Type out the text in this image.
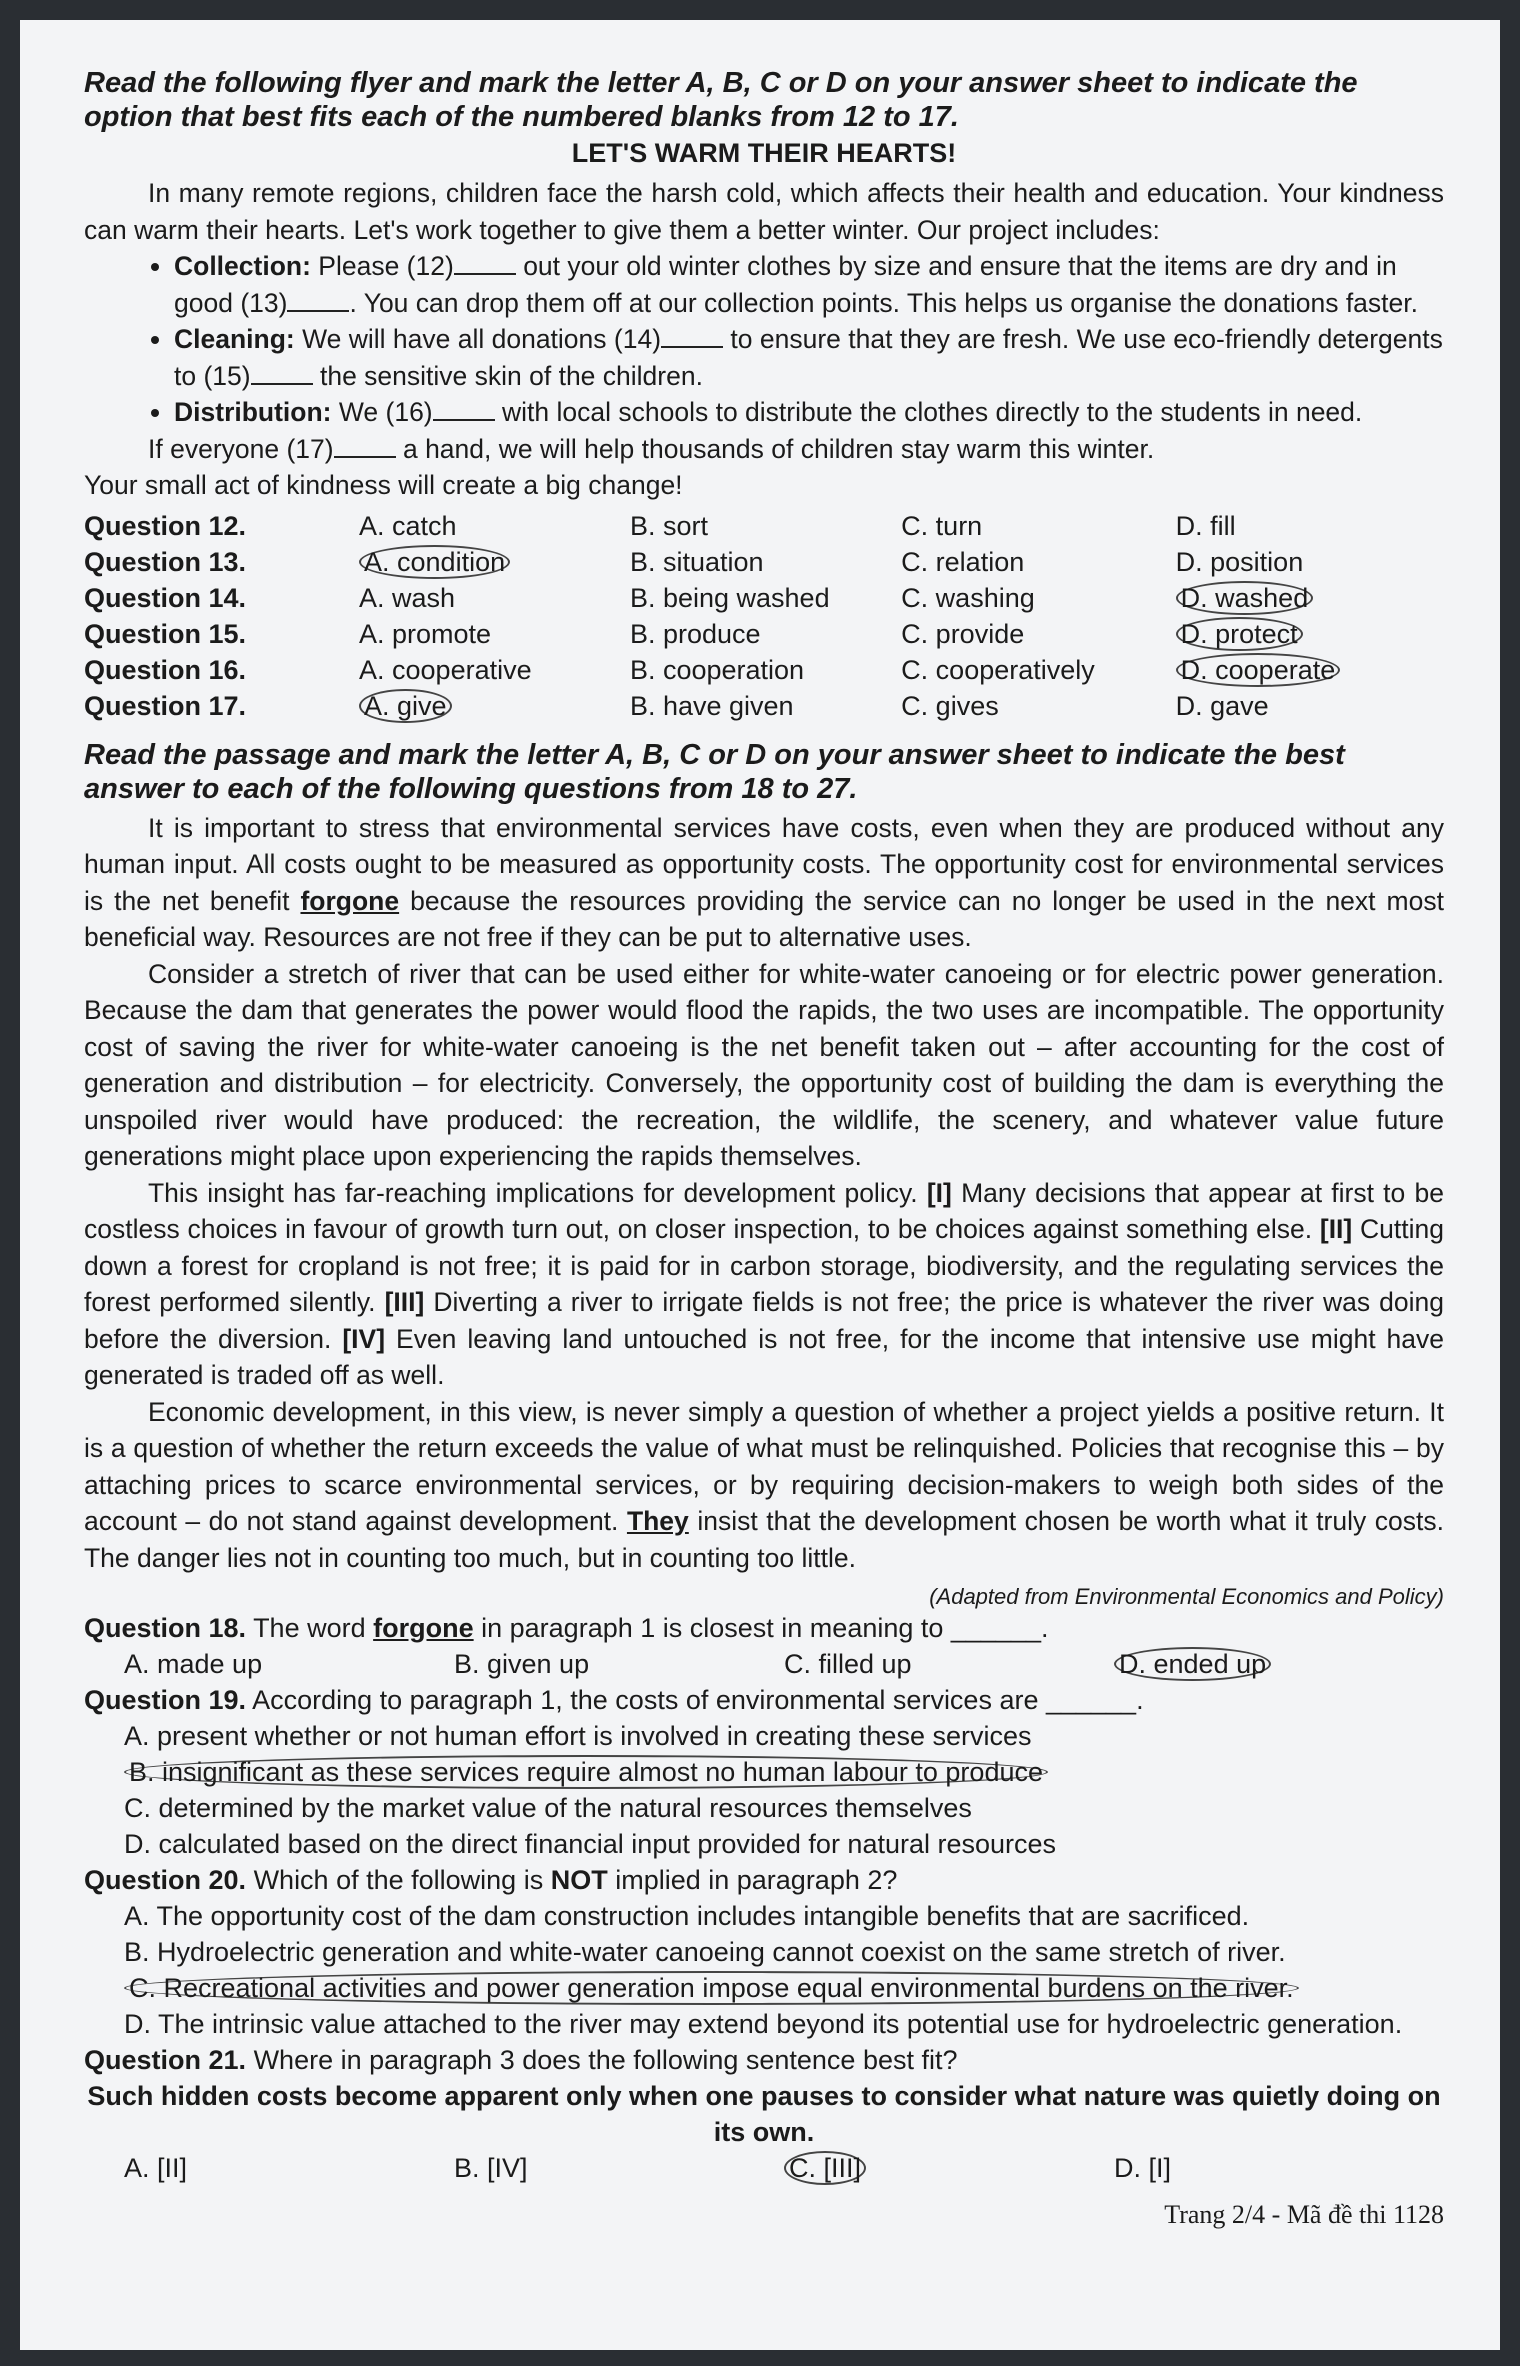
Read the following flyer and mark the letter A, B, C or D on your answer sheet to indicate the option that best fits each of the numbered blanks from 12 to 17.

LET'S WARM THEIR HEARTS!

In many remote regions, children face the harsh cold, which affects their health and education. Your kindness can warm their hearts. Let's work together to give them a better winter. Our project includes:

• Collection: Please (12)	out your old winter clothes by size and ensure that the items are dry and in good (13) . You can drop them off at our collection points. This helps us organise the donations faster.
• Cleaning: We will have all donations (14)	to ensure that they are fresh. We use eco-friendly detergents to (15)	the sensitive skin of the children.
• Distribution: We (16)	with local schools to distribute the clothes directly to the students in need.

If everyone (17)	a hand, we will help thousands of children stay warm this winter.
Your small act of kindness will create a big change!

Question 12.	A. catch	B. sort	C. turn	D. fill
Question 13.	A. condition	B. situation	C. relation	D. position
Question 14.	A. wash	B. being washed	C. washing	D. washed
Question 15.	A. promote	B. produce	C. provide	D. protect
Question 16.	A. cooperative	B. cooperation	C. cooperatively	D. cooperate
Question 17.	A. give	B. have given	C. gives	D. gave

Read the passage and mark the letter A, B, C or D on your answer sheet to indicate the best answer to each of the following questions from 18 to 27.

It is important to stress that environmental services have costs, even when they are produced without any human input. All costs ought to be measured as opportunity costs. The opportunity cost for environmental services is the net benefit forgone because the resources providing the service can no longer be used in the next most beneficial way. Resources are not free if they can be put to alternative uses.

Consider a stretch of river that can be used either for white-water canoeing or for electric power generation. Because the dam that generates the power would flood the rapids, the two uses are incompatible. The opportunity cost of saving the river for white-water canoeing is the net benefit taken out – after accounting for the cost of generation and distribution – for electricity. Conversely, the opportunity cost of building the dam is everything the unspoiled river would have produced: the recreation, the wildlife, the scenery, and whatever value future generations might place upon experiencing the rapids themselves.

This insight has far-reaching implications for development policy. [I] Many decisions that appear at first to be costless choices in favour of growth turn out, on closer inspection, to be choices against something else. [II] Cutting down a forest for cropland is not free; it is paid for in carbon storage, biodiversity, and the regulating services the forest performed silently. [III] Diverting a river to irrigate fields is not free; the price is whatever the river was doing before the diversion. [IV] Even leaving land untouched is not free, for the income that intensive use might have generated is traded off as well.

Economic development, in this view, is never simply a question of whether a project yields a positive return. It is a question of whether the return exceeds the value of what must be relinquished. Policies that recognise this – by attaching prices to scarce environmental services, or by requiring decision-makers to weigh both sides of the account – do not stand against development. They insist that the development chosen be worth what it truly costs. The danger lies not in counting too much, but in counting too little.

(Adapted from Environmental Economics and Policy)

Question 18. The word forgone in paragraph 1 is closest in meaning to ______.

A. made up	B. given up	C. filled up	D. ended up

Question 19. According to paragraph 1, the costs of environmental services are ______.

A. present whether or not human effort is involved in creating these services

B. insignificant as these services require almost no human labour to produce

C. determined by the market value of the natural resources themselves

D. calculated based on the direct financial input provided for natural resources

Question 20. Which of the following is NOT implied in paragraph 2?

A. The opportunity cost of the dam construction includes intangible benefits that are sacrificed.

B. Hydroelectric generation and white-water canoeing cannot coexist on the same stretch of river.

C. Recreational activities and power generation impose equal environmental burdens on the river.

D. The intrinsic value attached to the river may extend beyond its potential use for hydroelectric generation.

Question 21. Where in paragraph 3 does the following sentence best fit?

Such hidden costs become apparent only when one pauses to consider what nature was quietly doing on its own.

A. [II]	B. [IV]	C. [III]	D. [I]
Trang 2/4 - Mã đề thi 1128
